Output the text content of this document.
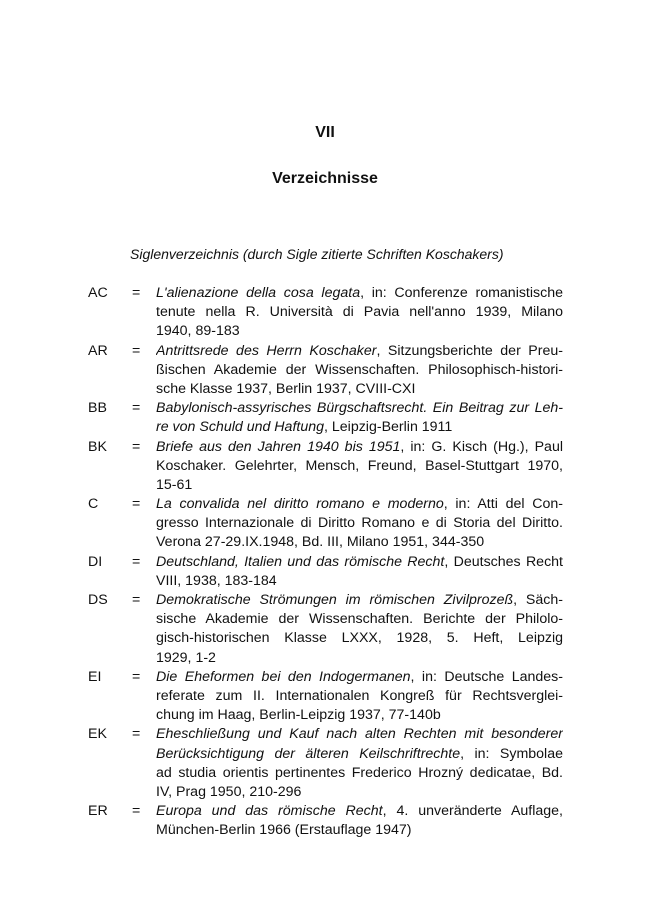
VII
Verzeichnisse
Siglenverzeichnis (durch Sigle zitierte Schriften Koschakers)
AC = L'alienazione della cosa legata, in: Conferenze romanistische
tenute nella R. Università di Pavia nell'anno 1939, Milano
1940, 89-183
AR = Antrittsrede des Herrn Koschaker, Sitzungsberichte der Preu-
ßischen Akademie der Wissenschaften. Philosophisch-histori-
sche Klasse 1937, Berlin 1937, CVIII-CXI
BB = Babylonisch-assyrisches Bürgschaftsrecht. Ein Beitrag zur Leh-
re von Schuld und Haftung, Leipzig-Berlin 1911
BK = Briefe aus den Jahren 1940 bis 1951, in: G. Kisch (Hg.), Paul
Koschaker. Gelehrter, Mensch, Freund, Basel-Stuttgart 1970,
15-61
C = La convalida nel diritto romano e moderno, in: Atti del Con-
gresso Internazionale di Diritto Romano e di Storia del Diritto.
Verona 27-29.IX.1948, Bd. III, Milano 1951, 344-350
DI = Deutschland, Italien und das römische Recht, Deutsches Recht
VIII, 1938, 183-184
DS = Demokratische Strömungen im römischen Zivilprozeß, Säch-
sische Akademie der Wissenschaften. Berichte der Philolo-
gisch-historischen Klasse LXXX, 1928, 5. Heft, Leipzig
1929, 1-2
EI = Die Eheformen bei den Indogermanen, in: Deutsche Landes-
referate zum II. Internationalen Kongreß für Rechtsverglei-
chung im Haag, Berlin-Leipzig 1937, 77-140b
EK = Eheschließung und Kauf nach alten Rechten mit besonderer
Berücksichtigung der älteren Keilschriftrechte, in: Symbolae
ad studia orientis pertinentes Frederico Hrozný dedicatae, Bd.
IV, Prag 1950, 210-296
ER = Europa und das römische Recht, 4. unveränderte Auflage,
München-Berlin 1966 (Erstauflage 1947)
